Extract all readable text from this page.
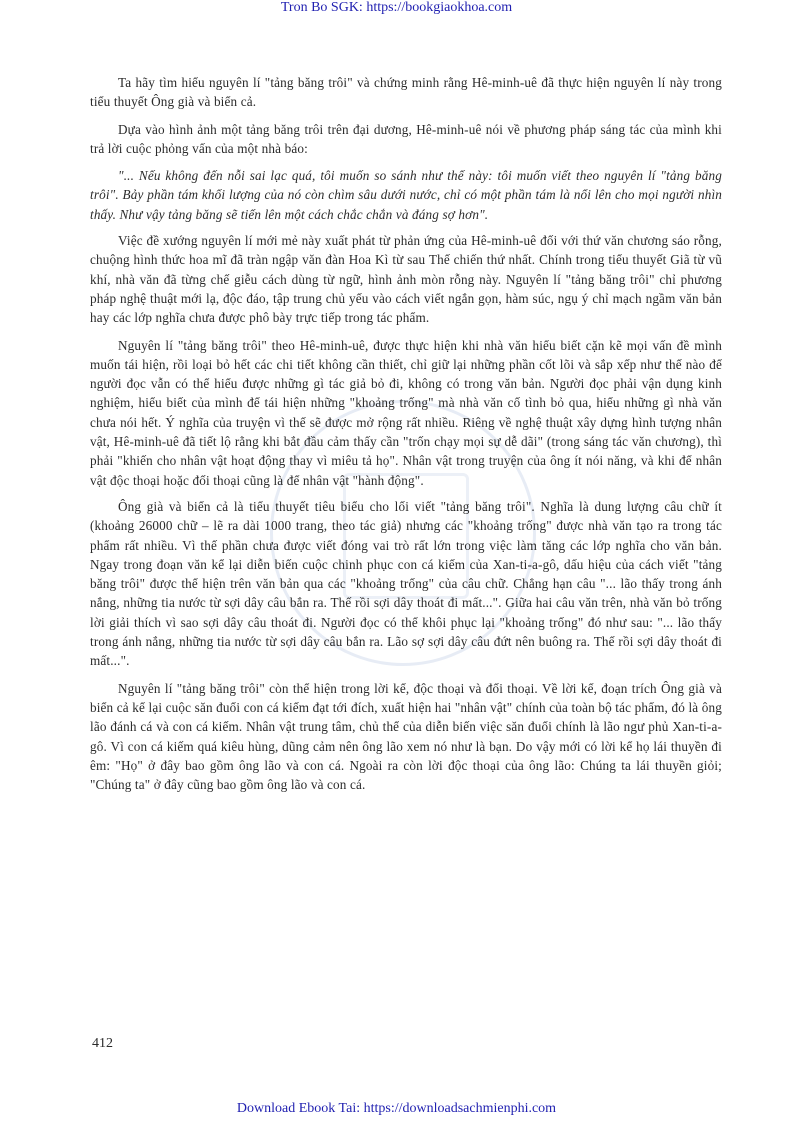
Tron Bo SGK: https://bookgiaokhoa.com

Ta hãy tìm hiểu nguyên lí "tảng băng trôi" và chứng minh rằng Hê-minh-uê đã thực hiện nguyên lí này trong tiểu thuyết Ông già và biển cả.

Dựa vào hình ảnh một tảng băng trôi trên đại dương, Hê-minh-uê nói về phương pháp sáng tác của mình khi trả lời cuộc phỏng vấn của một nhà báo:

"... Nếu không đến nỗi sai lạc quá, tôi muốn so sánh như thế này: tôi muốn viết theo nguyên lí "tảng băng trôi". Bảy phần tám khối lượng của nó còn chìm sâu dưới nước, chỉ có một phần tám là nổi lên cho mọi người nhìn thấy. Như vậy tảng băng sẽ tiến lên một cách chắc chắn và đáng sợ hơn".

Việc đề xướng nguyên lí mới mẻ này xuất phát từ phản ứng của Hê-minh-uê đối với thứ văn chương sáo rỗng, chuộng hình thức hoa mĩ đã tràn ngập văn đàn Hoa Kì từ sau Thế chiến thứ nhất. Chính trong tiểu thuyết Giã từ vũ khí, nhà văn đã từng chế giễu cách dùng từ ngữ, hình ảnh mòn rỗng này. Nguyên lí "tảng băng trôi" chỉ phương pháp nghệ thuật mới lạ, độc đáo, tập trung chủ yếu vào cách viết ngắn gọn, hàm súc, ngụ ý chỉ mạch ngầm văn bản hay các lớp nghĩa chưa được phô bày trực tiếp trong tác phẩm.

Nguyên lí "tảng băng trôi" theo Hê-minh-uê, được thực hiện khi nhà văn hiểu biết cặn kẽ mọi vấn đề mình muốn tái hiện, rồi loại bỏ hết các chi tiết không cần thiết, chỉ giữ lại những phần cốt lõi và sắp xếp như thế nào để người đọc vẫn có thể hiểu được những gì tác giả bỏ đi, không có trong văn bản. Người đọc phải vận dụng kinh nghiệm, hiểu biết của mình để tái hiện những "khoảng trống" mà nhà văn cố tình bỏ qua, hiểu những gì nhà văn chưa nói hết. Ý nghĩa của truyện vì thế sẽ được mở rộng rất nhiều. Riêng về nghệ thuật xây dựng hình tượng nhân vật, Hê-minh-uê đã tiết lộ rằng khi bắt đầu cảm thấy cần "trốn chạy mọi sự dễ dãi" (trong sáng tác văn chương), thì phải "khiến cho nhân vật hoạt động thay vì miêu tả họ". Nhân vật trong truyện của ông ít nói năng, và khi để nhân vật độc thoại hoặc đối thoại cũng là để nhân vật "hành động".

Ông già và biển cả là tiểu thuyết tiêu biểu cho lối viết "tảng băng trôi". Nghĩa là dung lượng câu chữ ít (khoảng 26000 chữ – lẽ ra dài 1000 trang, theo tác giả) nhưng các "khoảng trống" được nhà văn tạo ra trong tác phẩm rất nhiều. Vì thế phần chưa được viết đóng vai trò rất lớn trong việc làm tăng các lớp nghĩa cho văn bản. Ngay trong đoạn văn kể lại diễn biến cuộc chinh phục con cá kiếm của Xan-ti-a-gô, dấu hiệu của cách viết "tảng băng trôi" được thể hiện trên văn bản qua các "khoảng trống" của câu chữ. Chẳng hạn câu "... lão thấy trong ánh nắng, những tia nước từ sợi dây câu bắn ra. Thế rồi sợi dây thoát đi mất...". Giữa hai câu văn trên, nhà văn bỏ trống lời giải thích vì sao sợi dây câu thoát đi. Người đọc có thể khôi phục lại "khoảng trống" đó như sau: "... lão thấy trong ánh nắng, những tia nước từ sợi dây câu bắn ra. Lão sợ sợi dây câu đứt nên buông ra. Thế rồi sợi dây thoát đi mất...".

Nguyên lí "tảng băng trôi" còn thể hiện trong lời kể, độc thoại và đối thoại. Về lời kể, đoạn trích Ông già và biển cả kể lại cuộc săn đuổi con cá kiếm đạt tới đích, xuất hiện hai "nhân vật" chính của toàn bộ tác phẩm, đó là ông lão đánh cá và con cá kiếm. Nhân vật trung tâm, chủ thể của diễn biến việc săn đuổi chính là lão ngư phủ Xan-ti-a-gô. Vì con cá kiếm quá kiêu hùng, dũng cảm nên ông lão xem nó như là bạn. Do vậy mới có lời kể họ lái thuyền đi êm: "Họ" ở đây bao gồm ông lão và con cá. Ngoài ra còn lời độc thoại của ông lão: Chúng ta lái thuyền giỏi; "Chúng ta" ở đây cũng bao gồm ông lão và con cá.

412
Download Ebook Tai: https://downloadsachmienphi.com
